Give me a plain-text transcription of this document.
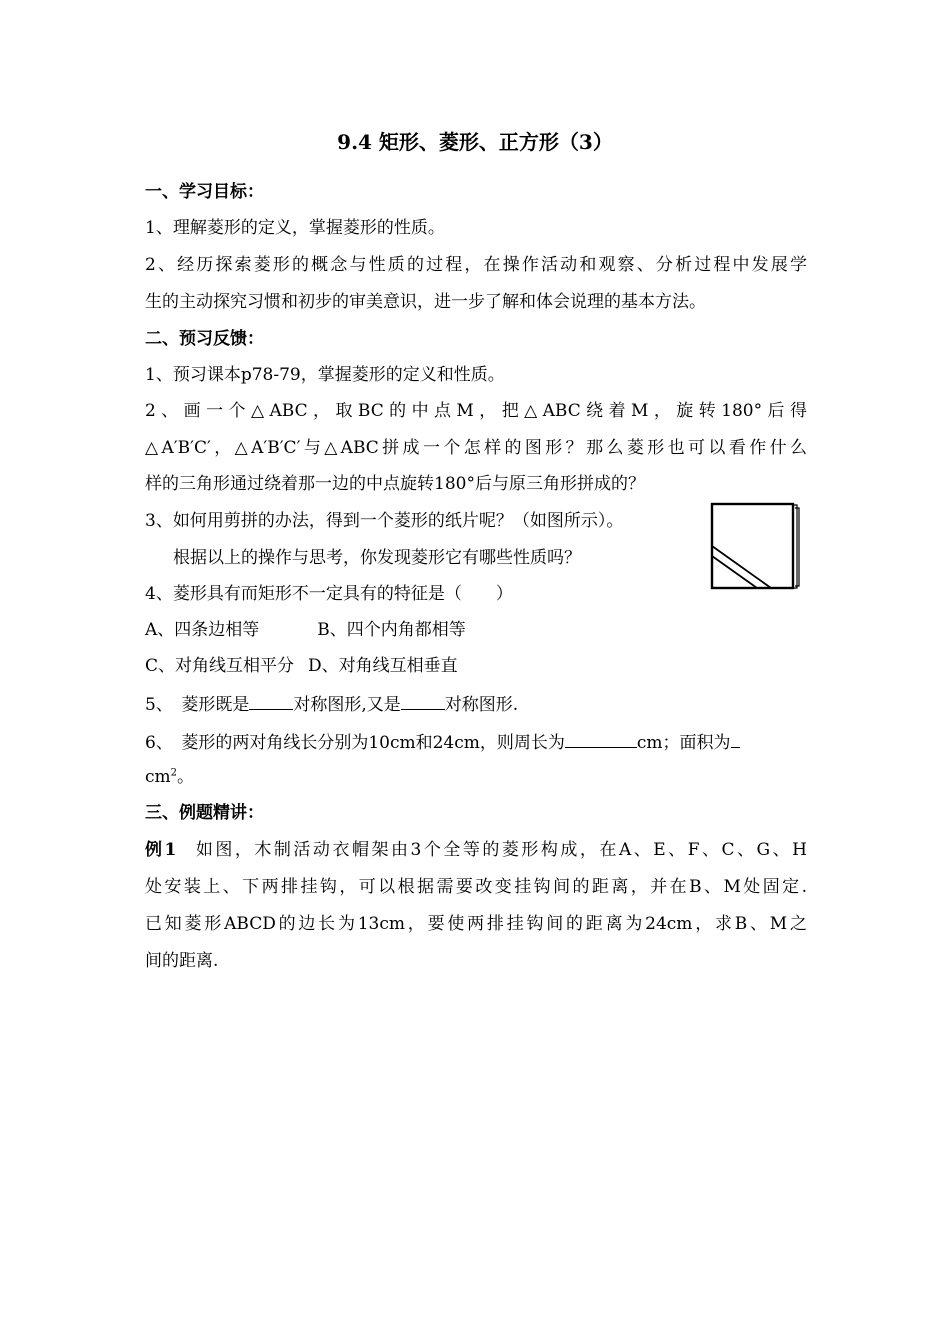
9.4 矩形、菱形、正方形（3）
一、学习目标：
1、理解菱形的定义，掌握菱形的性质。
2、经历探索菱形的概念与性质的过程，在操作活动和观察、分析过程中发展学
生的主动探究习惯和初步的审美意识，进一步了解和体会说理的基本方法。
二、预习反馈：
1、预习课本p78-79，掌握菱形的定义和性质。
2、画一个△ABC，取BC的中点M，把△ABC绕着M，旋转180°后得
△A′B′C′，△A′B′C′与△ABC拼成一个怎样的图形？那么菱形也可以看作什么
样的三角形通过绕着那一边的中点旋转180°后与原三角形拼成的？
3、如何用剪拼的办法，得到一个菱形的纸片呢？（如图所示）。
根据以上的操作与思考，你发现菱形它有哪些性质吗？
4、菱形具有而矩形不一定具有的特征是（　　）
A、四条边相等	B、四个内角都相等
C、对角线互相平分 D、对角线互相垂直
5、　菱形既是	对称图形,又是	对称图形.
6、　菱形的两对角线长分别为10cm和24cm，则周长为	cm；面积为
$cm^2$。
三、例题精讲：
例1  如图，木制活动衣帽架由3个全等的菱形构成，在A、E、F、C、G、H
处安装上、下两排挂钩，可以根据需要改变挂钩间的距离，并在B、M处固定.
已知菱形ABCD的边长为13cm，要使两排挂钩间的距离为24cm，求B、M之
间的距离.
